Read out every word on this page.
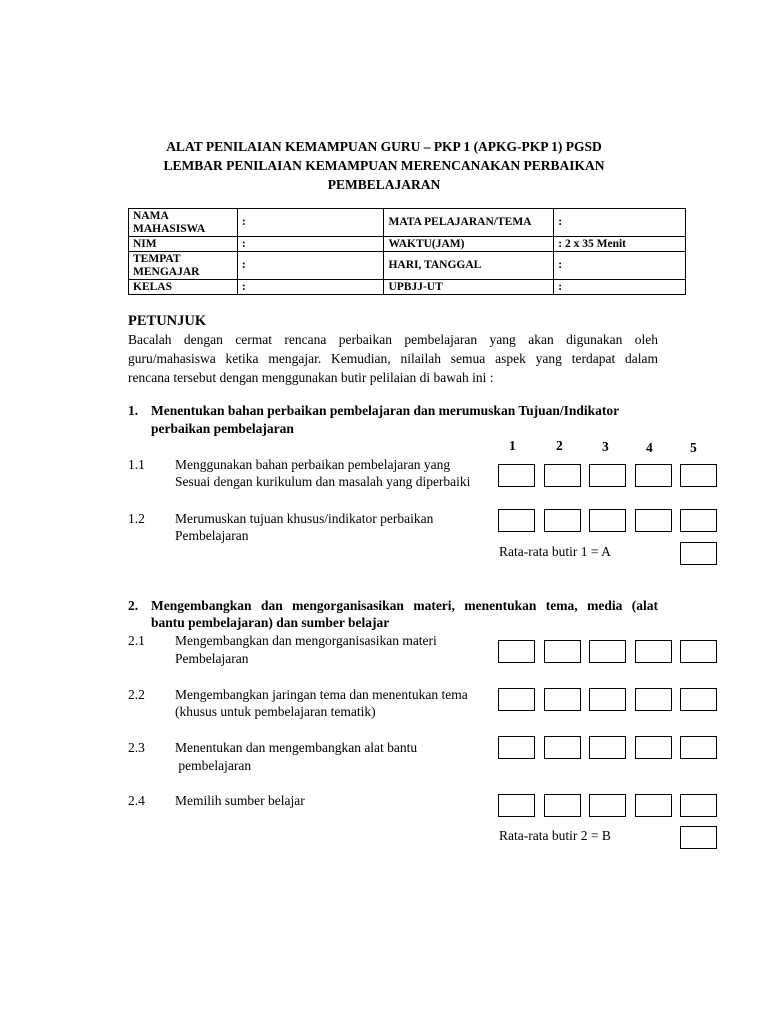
ALAT PENILAIAN KEMAMPUAN GURU – PKP 1 (APKG-PKP 1) PGSD
LEMBAR PENILAIAN KEMAMPUAN MERENCANAKAN PERBAIKAN
PEMBELAJARAN
NAMA MAHASISWA	:	MATA PELAJARAN/TEMA	:
NIM	:	WAKTU(JAM)	: 2 x 35 Menit
TEMPAT MENGAJAR	:	HARI, TANGGAL	:
KELAS	:	UPBJJ-UT	:
PETUNJUK
Bacalah dengan cermat rencana perbaikan pembelajaran yang akan digunakan oleh
guru/mahasiswa ketika mengajar. Kemudian, nilailah semua aspek yang terdapat dalam
rencana tersebut dengan menggunakan butir pelilaian di bawah ini :
1. Menentukan bahan perbaikan pembelajaran dan merumuskan Tujuan/Indikator
perbaikan pembelajaran
1	2	3	4	5
1.1 Menggunakan bahan perbaikan pembelajaran yang
Sesuai dengan kurikulum dan masalah yang diperbaiki
1.2 Merumuskan tujuan khusus/indikator perbaikan
Pembelajaran
Rata-rata butir 1 = A
2. Mengembangkan dan mengorganisasikan materi, menentukan tema, media (alat
bantu pembelajaran) dan sumber belajar
2.1 Mengembangkan dan mengorganisasikan materi
Pembelajaran
2.2 Mengembangkan jaringan tema dan menentukan tema
(khusus untuk pembelajaran tematik)
2.3 Menentukan dan mengembangkan alat bantu
pembelajaran
2.4 Memilih sumber belajar
Rata-rata butir 2 = B
